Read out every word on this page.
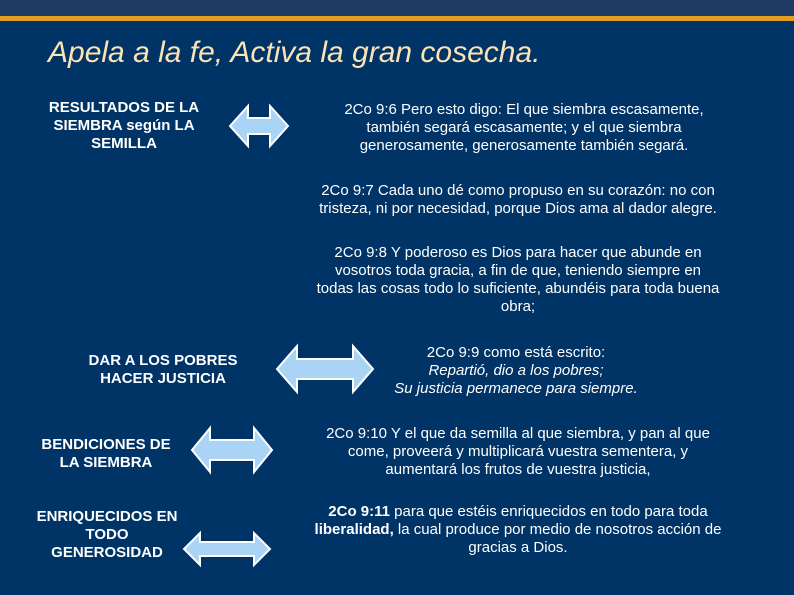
Apela a la fe, Activa la gran cosecha.
RESULTADOS DE LA
SIEMBRA según LA
SEMILLA
2Co 9:6 Pero esto digo: El que siembra escasamente,
también segará escasamente; y el que siembra
generosamente, generosamente también segará.
2Co 9:7 Cada uno dé como propuso en su corazón: no con
tristeza, ni por necesidad, porque Dios ama al dador alegre.
2Co 9:8 Y poderoso es Dios para hacer que abunde en
vosotros toda gracia, a fin de que, teniendo siempre en
todas las cosas todo lo suficiente, abundéis para toda buena
obra;
DAR A LOS POBRES
HACER JUSTICIA
2Co 9:9 como está escrito:
Repartió, dio a los pobres;
Su justicia permanece para siempre.
BENDICIONES DE
LA SIEMBRA
2Co 9:10 Y el que da semilla al que siembra, y pan al que
come, proveerá y multiplicará vuestra sementera, y
aumentará los frutos de vuestra justicia,
ENRIQUECIDOS EN
TODO
GENEROSIDAD
2Co 9:11 para que estéis enriquecidos en todo para toda
liberalidad, la cual produce por medio de nosotros acción de
gracias a Dios.
